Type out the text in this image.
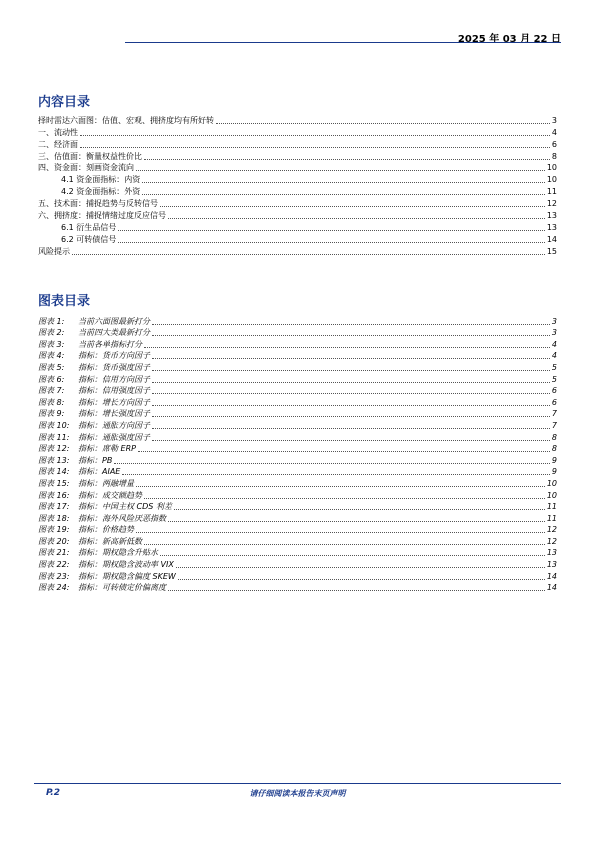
2025 年 03 月 22 日
内容目录
择时雷达六面图：估值、宏观、拥挤度均有所好转	3
一、流动性	4
二、经济面	6
三、估值面：衡量权益性价比	8
四、资金面：刻画资金流向	10
4.1 资金面指标：内资	10
4.2 资金面指标：外资	11
五、技术面：捕捉趋势与反转信号	12
六、拥挤度：捕捉情绪过度反应信号	13
6.1 衍生品信号	13
6.2 可转债信号	14
风险提示	15
图表目录
图表 1: 当前六面图最新打分	3
图表 2: 当前四大类最新打分	3
图表 3: 当前各单指标打分	4
图表 4: 指标：货币方向因子	4
图表 5: 指标：货币强度因子	5
图表 6: 指标：信用方向因子	5
图表 7: 指标：信用强度因子	6
图表 8: 指标：增长方向因子	6
图表 9: 指标：增长强度因子	7
图表 10: 指标：通胀方向因子	7
图表 11: 指标：通胀强度因子	8
图表 12: 指标：席勒 ERP	8
图表 13: 指标：PB	9
图表 14: 指标：AIAE	9
图表 15: 指标：两融增量	10
图表 16: 指标：成交额趋势	10
图表 17: 指标：中国主权 CDS 利差	11
图表 18: 指标：海外风险厌恶指数	11
图表 19: 指标：价格趋势	12
图表 20: 指标：新高新低数	12
图表 21: 指标：期权隐含升贴水	13
图表 22: 指标：期权隐含波动率 VIX	13
图表 23: 指标：期权隐含偏度 SKEW	14
图表 24: 指标：可转债定价偏离度	14
P.2	请仔细阅读本报告末页声明
